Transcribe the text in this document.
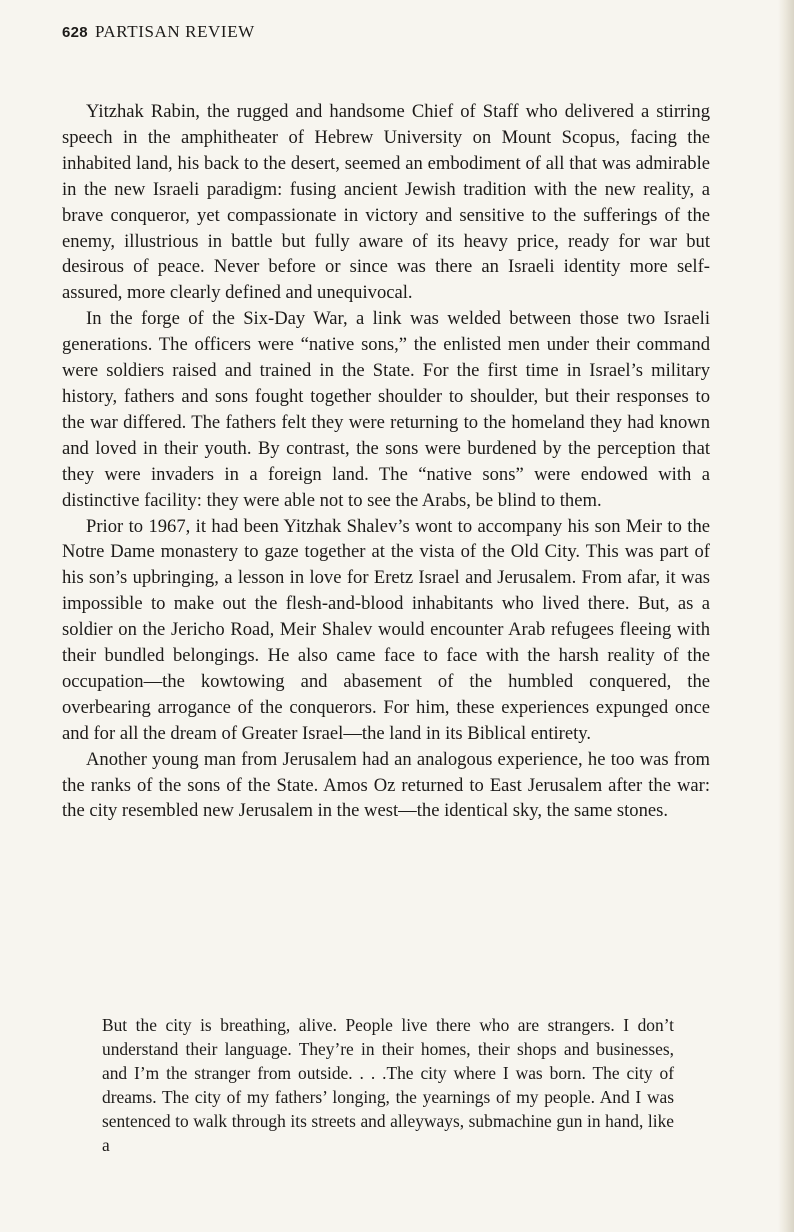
628 PARTISAN REVIEW

Yitzhak Rabin, the rugged and handsome Chief of Staff who delivered a stirring speech in the amphitheater of Hebrew University on Mount Scopus, facing the inhabited land, his back to the desert, seemed an embodiment of all that was admirable in the new Israeli paradigm: fusing ancient Jewish tradition with the new reality, a brave conqueror, yet compassionate in victory and sensitive to the sufferings of the enemy, illustrious in battle but fully aware of its heavy price, ready for war but desirous of peace. Never before or since was there an Israeli identity more self-assured, more clearly defined and unequivocal.

In the forge of the Six-Day War, a link was welded between those two Israeli generations. The officers were “native sons,” the enlisted men under their command were soldiers raised and trained in the State. For the first time in Israel’s military history, fathers and sons fought together shoulder to shoulder, but their responses to the war differed. The fathers felt they were returning to the homeland they had known and loved in their youth. By contrast, the sons were burdened by the perception that they were invaders in a foreign land. The “native sons” were endowed with a distinctive facility: they were able not to see the Arabs, be blind to them.

Prior to 1967, it had been Yitzhak Shalev’s wont to accompany his son Meir to the Notre Dame monastery to gaze together at the vista of the Old City. This was part of his son’s upbringing, a lesson in love for Eretz Israel and Jerusalem. From afar, it was impossible to make out the flesh-and-blood inhabitants who lived there. But, as a soldier on the Jericho Road, Meir Shalev would encounter Arab refugees fleeing with their bundled belongings. He also came face to face with the harsh reality of the occupation—the kowtowing and abasement of the humbled conquered, the overbearing arrogance of the conquerors. For him, these experiences expunged once and for all the dream of Greater Israel—the land in its Biblical entirety.

Another young man from Jerusalem had an analogous experience, he too was from the ranks of the sons of the State. Amos Oz returned to East Jerusalem after the war: the city resembled new Jerusalem in the west—the identical sky, the same stones.

But the city is breathing, alive. People live there who are strangers. I don’t understand their language. They’re in their homes, their shops and businesses, and I’m the stranger from outside. . . .The city where I was born. The city of dreams. The city of my fathers’ longing, the yearnings of my people. And I was sentenced to walk through its streets and alleyways, submachine gun in hand, like a
